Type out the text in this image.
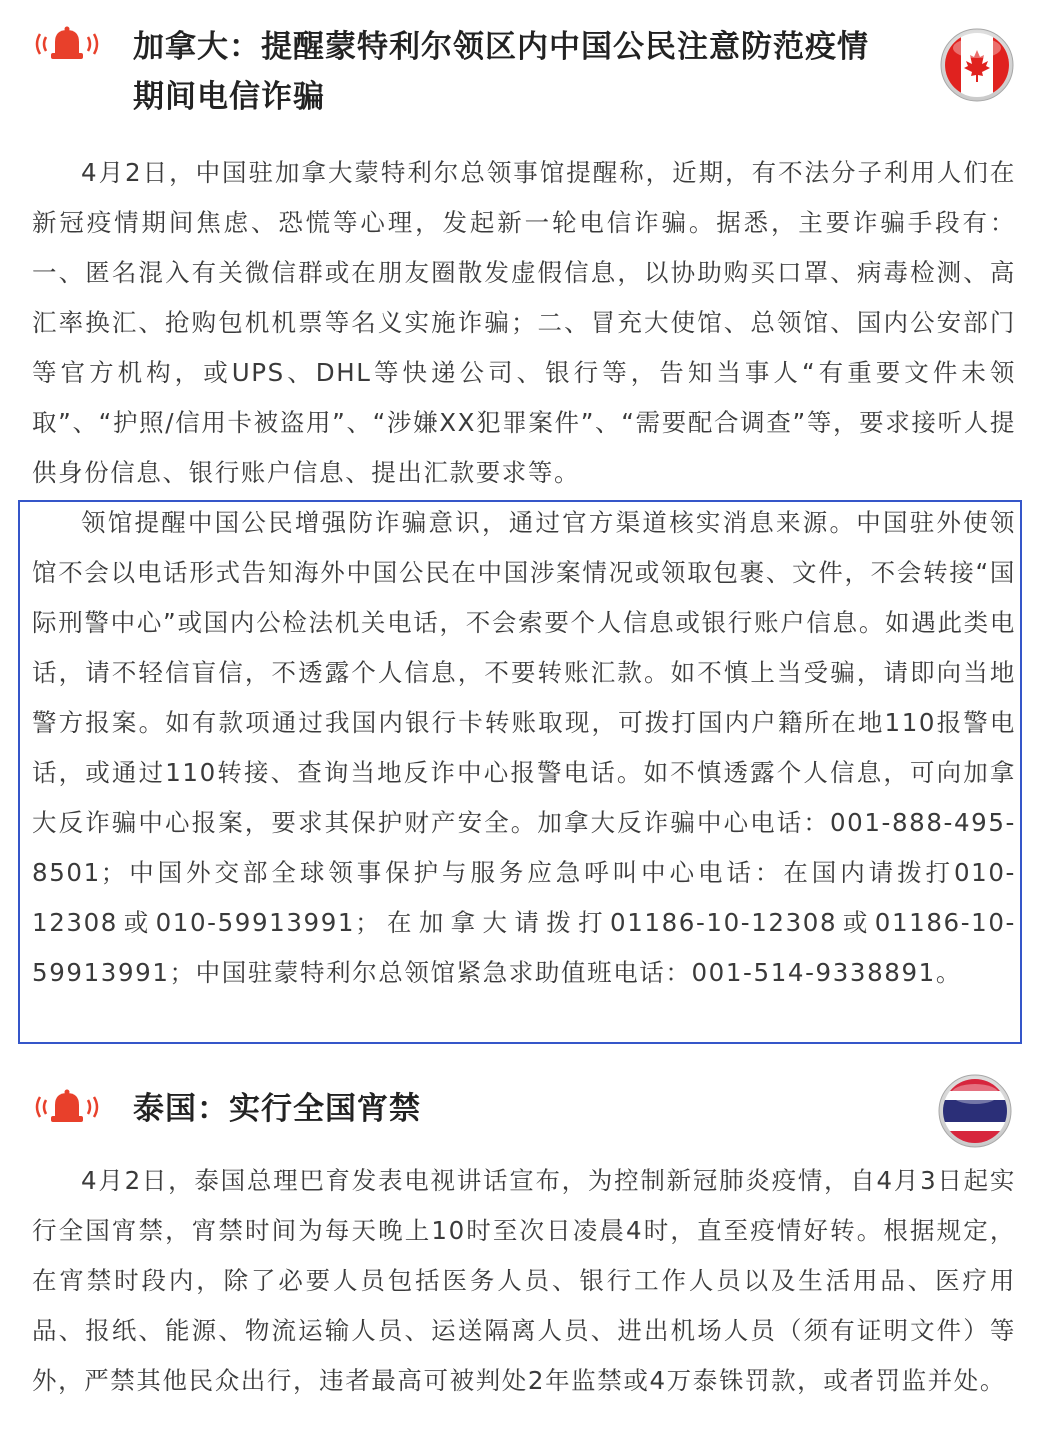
加拿大：提醒蒙特利尔领区内中国公民注意防范疫情
期间电信诈骗

4月2日，中国驻加拿大蒙特利尔总领事馆提醒称，近期，有不法分子利用人们在新冠疫情期间焦虑、恐慌等心理，发起新一轮电信诈骗。据悉，主要诈骗手段有：一、匿名混入有关微信群或在朋友圈散发虚假信息，以协助购买口罩、病毒检测、高汇率换汇、抢购包机机票等名义实施诈骗；二、冒充大使馆、总领馆、国内公安部门等官方机构，或UPS、DHL等快递公司、银行等，告知当事人“有重要文件未领取”、“护照/信用卡被盗用”、“涉嫌XX犯罪案件”、“需要配合调查”等，要求接听人提供身份信息、银行账户信息、提出汇款要求等。

领馆提醒中国公民增强防诈骗意识，通过官方渠道核实消息来源。中国驻外使领馆不会以电话形式告知海外中国公民在中国涉案情况或领取包裹、文件，不会转接“国际刑警中心”或国内公检法机关电话，不会索要个人信息或银行账户信息。如遇此类电话，请不轻信盲信，不透露个人信息，不要转账汇款。如不慎上当受骗，请即向当地警方报案。如有款项通过我国内银行卡转账取现，可拨打国内户籍所在地110报警电话，或通过110转接、查询当地反诈中心报警电话。如不慎透露个人信息，可向加拿大反诈骗中心报案，要求其保护财产安全。加拿大反诈骗中心电话：001-888-495-8501；中国外交部全球领事保护与服务应急呼叫中心电话：在国内请拨打010-12308或010-59913991；在加拿大请拨打01186-10-12308或01186-10-59913991；中国驻蒙特利尔总领馆紧急求助值班电话：001-514-9338891。

泰国：实行全国宵禁

4月2日，泰国总理巴育发表电视讲话宣布，为控制新冠肺炎疫情，自4月3日起实行全国宵禁，宵禁时间为每天晚上10时至次日凌晨4时，直至疫情好转。根据规定，在宵禁时段内，除了必要人员包括医务人员、银行工作人员以及生活用品、医疗用品、报纸、能源、物流运输人员、运送隔离人员、进出机场人员（须有证明文件）等外，严禁其他民众出行，违者最高可被判处2年监禁或4万泰铢罚款，或者罚监并处。
